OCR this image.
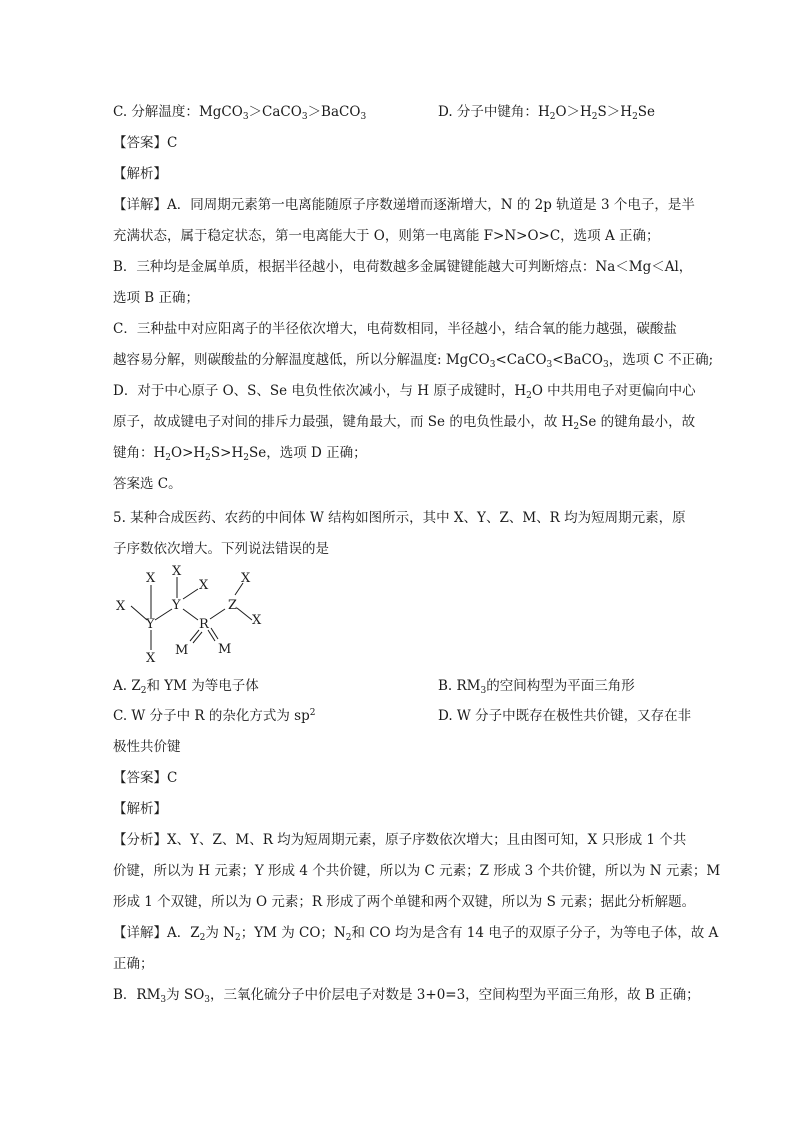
C. 分解温度：MgCO$_3$＞CaCO$_3$＞BaCO$_3$	D. 分子中键角：$H_2O>H_2S>H_2Se$
【答案】C
【解析】
【详解】A．同周期元素第一电离能随原子序数递增而逐渐增大，N 的 2p 轨道是 3 个电子，是半
充满状态，属于稳定状态，第一电离能大于 O，则第一电离能 F>N>O>C，选项 A 正确；
B．三种均是金属单质，根据半径越小，电荷数越多金属键键能越大可判断熔点：Na＜Mg＜Al，
选项 B 正确；
C．三种盐中对应阳离子的半径依次增大，电荷数相同，半径越小，结合氧的能力越强，碳酸盐
越容易分解，则碳酸盐的分解温度越低，所以分解温度: MgCO$_3$<CaCO$_3$<BaCO$_3$，选项 C 不正确;
D．对于中心原子 O、S、Se 电负性依次减小，与 H 原子成键时，$H_2O$ 中共用电子对更偏向中心
原子，故成键电子对间的排斥力最强，键角最大，而 Se 的电负性最小，故 $H_2Se$ 的键角最小，故
键角：$H_2O>H_2S>H_2Se$，选项 D 正确；
答案选 C。
5. 某种合成医药、农药的中间体 W 结构如图所示，其中 X、Y、Z、M、R 均为短周期元素，原
子序数依次增大。下列说法错误的是
X X
X
X	Y	Z
X
X
Y	R
X
M M
A. $Z_2$和 YM 为等电子体	B. $RM_3$的空间构型为平面三角形
C. W 分子中 R 的杂化方式为 $sp^2$	D. W 分子中既存在极性共价键，又存在非
极性共价键
【答案】C
【解析】
【分析】X、Y、Z、M、R 均为短周期元素，原子序数依次增大；且由图可知，X 只形成 1 个共
价键，所以为 H 元素；Y 形成 4 个共价键，所以为 C 元素；Z 形成 3 个共价键，所以为 N 元素；M
形成 1 个双键，所以为 O 元素；R 形成了两个单键和两个双键，所以为 S 元素；据此分析解题。
【详解】A．$Z_2$为 $N_2$；YM 为 CO；$N_2$和 CO 均为是含有 14 电子的双原子分子，为等电子体，故 A
正确；
B．$RM_3$为 $SO_3$，三氧化硫分子中价层电子对数是 3+0=3，空间构型为平面三角形，故 B 正确；
